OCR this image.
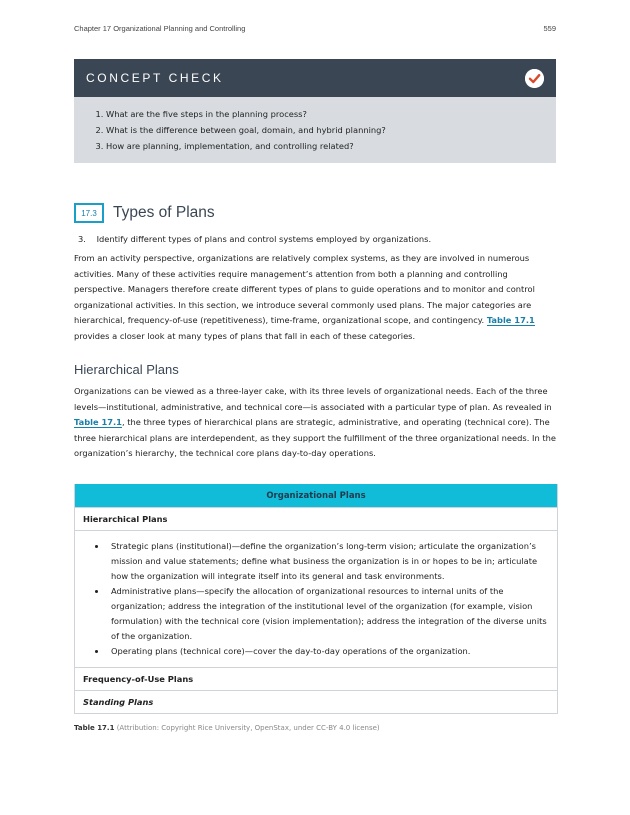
Chapter 17 Organizational Planning and Controlling	559
CONCEPT CHECK
1. What are the five steps in the planning process?
2. What is the difference between goal, domain, and hybrid planning?
3. How are planning, implementation, and controlling related?
17.3	Types of Plans
3. Identify different types of plans and control systems employed by organizations.

From an activity perspective, organizations are relatively complex systems, as they are involved in numerous activities. Many of these activities require management’s attention from both a planning and controlling perspective. Managers therefore create different types of plans to guide operations and to monitor and control organizational activities. In this section, we introduce several commonly used plans. The major categories are hierarchical, frequency-of-use (repetitiveness), time-frame, organizational scope, and contingency. Table 17.1 provides a closer look at many types of plans that fall in each of these categories.

Hierarchical Plans

Organizations can be viewed as a three-layer cake, with its three levels of organizational needs. Each of the three levels—institutional, administrative, and technical core—is associated with a particular type of plan. As revealed in Table 17.1, the three types of hierarchical plans are strategic, administrative, and operating (technical core). The three hierarchical plans are interdependent, as they support the fulfillment of the three organizational needs. In the organization’s hierarchy, the technical core plans day-to-day operations.

Organizational Plans
Hierarchical Plans
• Strategic plans (institutional)—define the organization’s long-term vision; articulate the organization’s mission and value statements; define what business the organization is in or hopes to be in; articulate how the organization will integrate itself into its general and task environments.
• Administrative plans—specify the allocation of organizational resources to internal units of the organization; address the integration of the institutional level of the organization (for example, vision formulation) with the technical core (vision implementation); address the integration of the diverse units of the organization.
• Operating plans (technical core)—cover the day-to-day operations of the organization.
Frequency-of-Use Plans
Standing Plans
Table 17.1 (Attribution: Copyright Rice University, OpenStax, under CC-BY 4.0 license)
